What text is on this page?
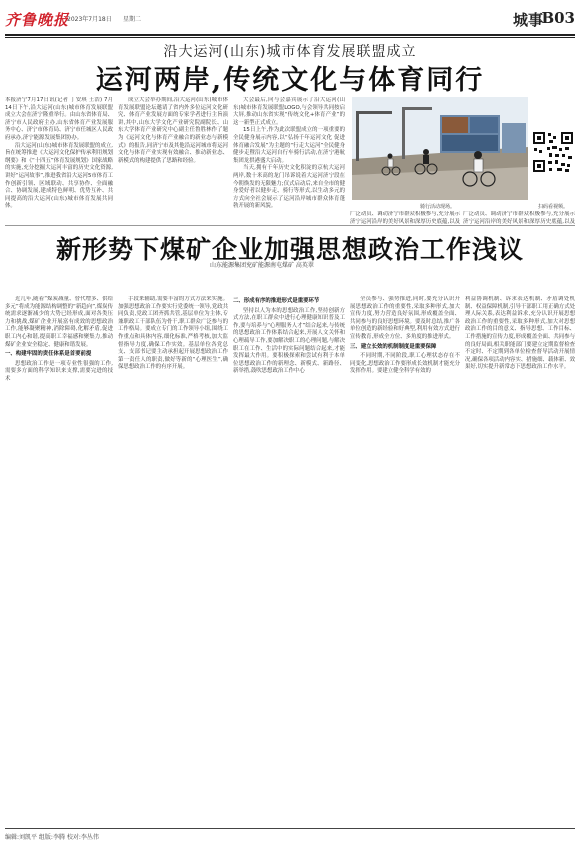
齐鲁晚报
2023年7月18日 星期二	城事
B03
沿大运河(山东)城市体育发展联盟成立
运河两岸,传统文化与体育同行

本报济宁7月17日讯(记者 丁安琪 王浩) 7月14日下午,沿大运河(山东)城市体育发展联盟成立大会在济宁隆重举行。由山东省体育局、济宁市人民政府主办,山东省体育产业发展服务中心、济宁市体育局、济宁市任城区人民政府承办,济宁能源发展集团协办。

沿大运河(山东)城市体育发展联盟的成立,旨在统筹推进《大运河文化保护传承利用规划纲要》和《“十四五”体育发展规划》国家战略的实施,充分挖掘大运河丰富的历史文化资源,讲好“运河故事”,推进我省沿大运河5市体育工作创新引领、区域联动、共享协作、全面融合、协调发展,建成特色鲜明、优势互补、共同提高的沿大运河(山东)城市体育发展共同体。

成立大会举办期间,沿大运河(山东)城市体育发展联盟论坛邀请了省内外多位运河文化研究、体育产业发展方面的专家学者进行主旨演讲,其中,山东大学文化产业研究院副院长、山东大学体育产业研究中心副主任鲁胜林作了题为《运河文化与体育产业融合的新业态与新模式》的报告,同济宁市及其他沿运河城市将运河文化与体育产业实现有效融合、推动新业态、新模式的构建提供了思路和经验。

大会最后,向与会嘉宾展示了沿大运河(山东)城市体育发展联盟LOGO,与会领导共同按启大屏,推动山东省实现“传统文化+体育产业”的这一新型正式成立。

15日上午,作为此次联盟成立的一项重要的全民健身展示内容,以“弘扬千年运河文化 促进体育融合发展”为主题的“行走大运河”全民健身健步走暨沿大运河自行车骑行活动,在济宁港航集团龙拱港盛大启动。

当天,拥有千年历史文化积淀的京杭大运河两岸,数十米高的龙门吊诉说着大运河济宁段在今朝焕发的无限魅力;仅式启动后,来自全市的健身爱好者以健步走、骑行等形式,以生动多元的方式向全社会展示了运河沿岸城市群众体育蓬勃开展的新风貌。	骑行活动现场。	扫码看视频。

广泛动员、调动济宁市群众积极参与,充分展示济宁运河沿岸的美好风景和深厚历史底蕴,以及

广泛动员、调动济宁市群众积极参与,充分展示济宁运河沿岸的美好风景和深厚历史底蕴,以及

新形势下煤矿企业加强思想政治工作浅议
山东能源集团兖矿能源南屯煤矿 高英翠

近几年,随着“煤炭减量、替代增多、供给多元”将成为能源结构调整的“新趋向”,煤炭传统需求逐渐减少的大势已经形成,面对各类压力和挑战,煤矿企业开展富有成效的思想政治工作,能够凝聚精神,消除障碍,化解矛盾,促进职工内心和谐,提高职工幸福感和聚集力,推动煤矿企业安全稳定、健康和谐发展。

一、构建牢固的责任体系是首要前提

思想政治工作是一项专业性很强的工作,需要多方面的科学知识来支撑,需要完进的技术

手段来辅助,需要丰富的方式方法来实施。加强思想政治工作要实行党委统一领导,党政共同负责,党政工团齐抓共管,基层单位为主体,专兼职政工干部队伍为骨干,职工群众广泛参与的工作格局。要成立专门的工作领导小组,围绕工作重点和具体内容,细化标准,严格考核,加大监督指导力度,确保工作实效。基层单位各党总支、支部书记要主动承担起开展思想政治工作第一责任人的职责,做好等新的“心理医生”,确保思想政治工作的有序开展。

二、形成有序的推进形式是重要环节

坚持以人为本的思想政治工作,坚持创新方式方法,在职工群众中进行心理健康知识普及工作,要与培养与“心理服务人才”结合起来,与传统的思想政治工作体系结合起来,开展人文关怀和心理疏导工作,要加解决职工的心理问题,与解决职工在工作、生活中的实际问题结合起来,才能发挥最大作用。要积极探索和尝试有利于本单位思想政治工作的新理念、新模式、新路径、新举措,鼓吹思想政治工作中心

全员参与、强势推进,同时,要充分认识开展思想政治工作的重要性,采取多种形式,加大宣传力度,努力营造良好氛围,形成覆盖全面、共同参与的良好思想环境。要及时总结,推广各单位创造的新经验和好典型,利用有效方式进行宣传教育,形成全方位、多角度的推进形式。

三、建立长效的机制制度是重要保障

不同时期,不同阶段,职工心理状态存在不同变化,思想政治工作要形成长效机制才能充分发挥作用。要建立健全科学有效的

利益协调机制、诉求表达机制、矛盾调处机制、权益保障机制,引导干部职工用正确方式处理人际关系,表达利益诉求,充分认识开展思想政治工作的重要性,采取多种形式,加大对思想政治工作的目的意义、指导思想、工作目标、工作措施的宣传力度,形成覆盖全面、共同参与的良好局面,相关职能部门要建立定期监督检查不定时、不定期到各单位检查督导活动开展情况,确保各项活动内容实、措施细、载体新、效果好,切实提升新常态下思想政治工作水平。

编辑:刘凯平 组版:李腾 校对:李丛伟
